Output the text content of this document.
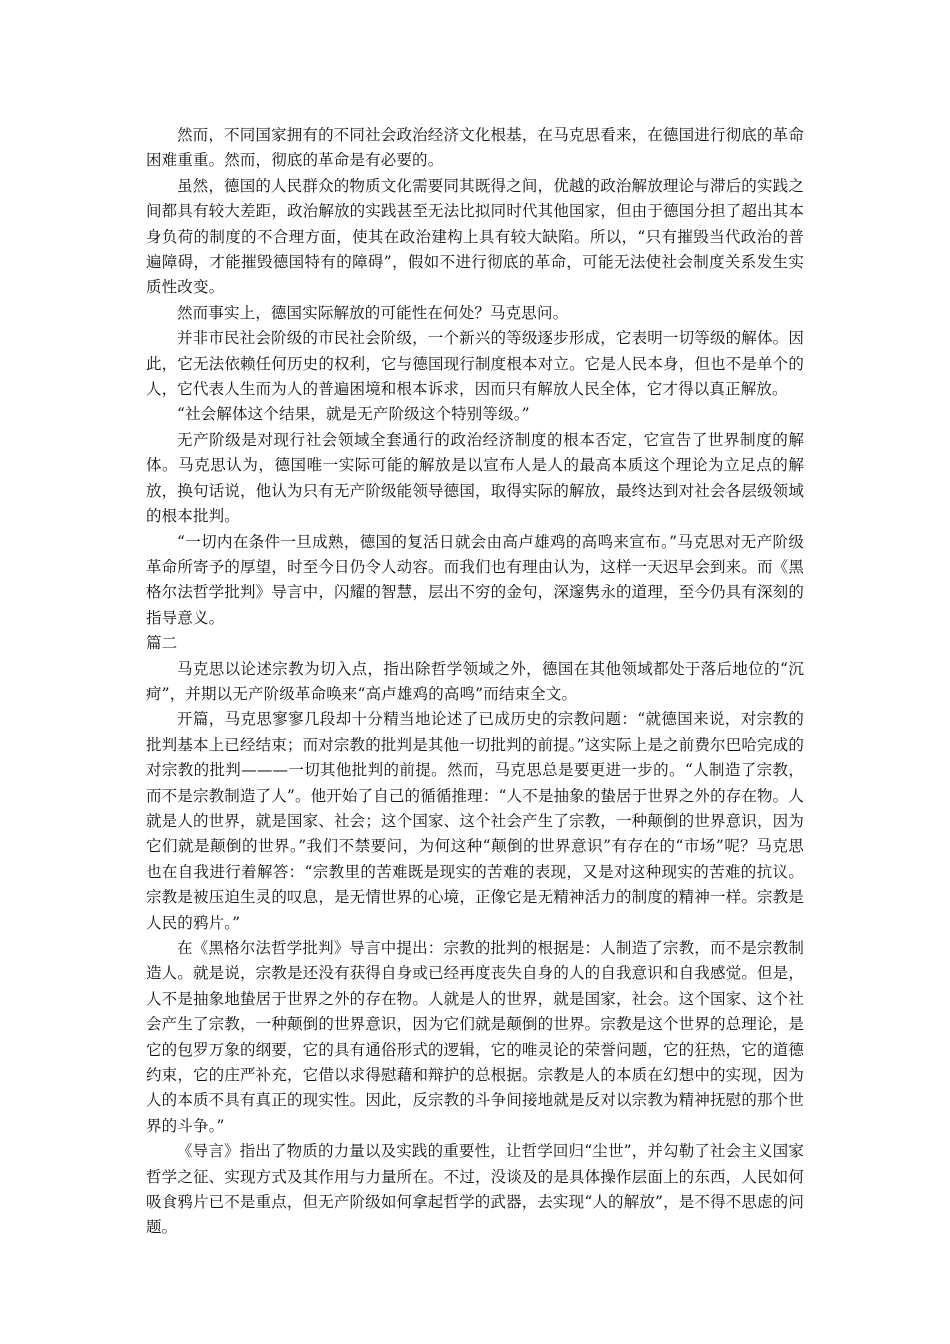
然而，不同国家拥有的不同社会政治经济文化根基，在马克思看来，在德国进行彻底的革命困难重重。然而，彻底的革命是有必要的。

虽然，德国的人民群众的物质文化需要同其既得之间，优越的政治解放理论与滞后的实践之间都具有较大差距，政治解放的实践甚至无法比拟同时代其他国家，但由于德国分担了超出其本身负荷的制度的不合理方面，使其在政治建构上具有较大缺陷。所以，“只有摧毁当代政治的普遍障碍，才能摧毁德国特有的障碍”，假如不进行彻底的革命，可能无法使社会制度关系发生实质性改变。

然而事实上，德国实际解放的可能性在何处？马克思问。

并非市民社会阶级的市民社会阶级，一个新兴的等级逐步形成，它表明一切等级的解体。因此，它无法依赖任何历史的权利，它与德国现行制度根本对立。它是人民本身，但也不是单个的人，它代表人生而为人的普遍困境和根本诉求，因而只有解放人民全体，它才得以真正解放。

“社会解体这个结果，就是无产阶级这个特别等级。”

无产阶级是对现行社会领域全套通行的政治经济制度的根本否定，它宣告了世界制度的解体。马克思认为，德国唯一实际可能的解放是以宣布人是人的最高本质这个理论为立足点的解放，换句话说，他认为只有无产阶级能领导德国，取得实际的解放，最终达到对社会各层级领域的根本批判。

“一切内在条件一旦成熟，德国的复活日就会由高卢雄鸡的高鸣来宣布。”马克思对无产阶级革命所寄予的厚望，时至今日仍令人动容。而我们也有理由认为，这样一天迟早会到来。而《黑格尔法哲学批判》导言中，闪耀的智慧，层出不穷的金句，深邃隽永的道理，至今仍具有深刻的指导意义。

篇二

马克思以论述宗教为切入点，指出除哲学领域之外，德国在其他领域都处于落后地位的“沉疴”，并期以无产阶级革命唤来“高卢雄鸡的高鸣”而结束全文。

开篇，马克思寥寥几段却十分精当地论述了已成历史的宗教问题：“就德国来说，对宗教的批判基本上已经结束；而对宗教的批判是其他一切批判的前提。”这实际上是之前费尔巴哈完成的对宗教的批判———一切其他批判的前提。然而，马克思总是要更进一步的。“人制造了宗教，而不是宗教制造了人”。他开始了自己的循循推理：“人不是抽象的蛰居于世界之外的存在物。人就是人的世界，就是国家、社会；这个国家、这个社会产生了宗教，一种颠倒的世界意识，因为它们就是颠倒的世界。”我们不禁要问，为何这种“颠倒的世界意识”有存在的“市场”呢？马克思也在自我进行着解答：“宗教里的苦难既是现实的苦难的表现，又是对这种现实的苦难的抗议。宗教是被压迫生灵的叹息，是无情世界的心境，正像它是无精神活力的制度的精神一样。宗教是人民的鸦片。”

在《黑格尔法哲学批判》导言中提出：宗教的批判的根据是：人制造了宗教，而不是宗教制造人。就是说，宗教是还没有获得自身或已经再度丧失自身的人的自我意识和自我感觉。但是，人不是抽象地蛰居于世界之外的存在物。人就是人的世界，就是国家，社会。这个国家、这个社会产生了宗教，一种颠倒的世界意识，因为它们就是颠倒的世界。宗教是这个世界的总理论，是它的包罗万象的纲要，它的具有通俗形式的逻辑，它的唯灵论的荣誉问题，它的狂热，它的道德约束，它的庄严补充，它借以求得慰藉和辩护的总根据。宗教是人的本质在幻想中的实现，因为人的本质不具有真正的现实性。因此，反宗教的斗争间接地就是反对以宗教为精神抚慰的那个世界的斗争。”

《导言》指出了物质的力量以及实践的重要性，让哲学回归“尘世”，并勾勒了社会主义国家哲学之征、实现方式及其作用与力量所在。不过，没谈及的是具体操作层面上的东西，人民如何吸食鸦片已不是重点，但无产阶级如何拿起哲学的武器，去实现“人的解放”，是不得不思虑的问题。
